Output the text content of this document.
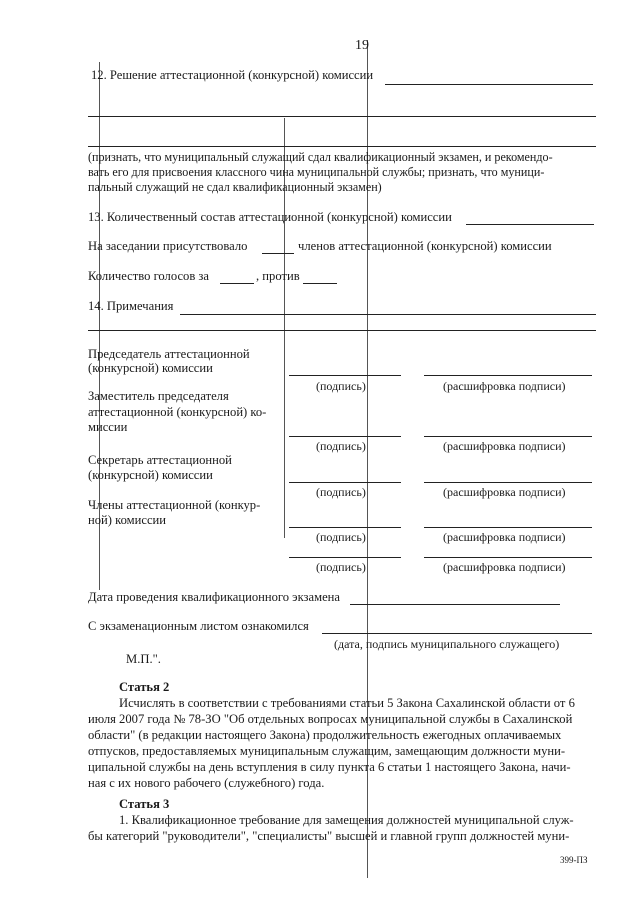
19
12. Решение аттестационной (конкурсной) комиссии
(признать, что муниципальный служащий сдал квалификационный экзамен, и рекомендо-
вать его для присвоения классного чина муниципальной службы; признать, что муници-
пальный служащий не сдал квалификационный экзамен)
13. Количественный состав аттестационной (конкурсной) комиссии
На заседании присутствовало	членов аттестационной (конкурсной) комиссии
Количество голосов за	, против
14. Примечания
Председатель аттестационной
(конкурсной) комиссии
(подпись)	(расшифровка подписи)
Заместитель председателя
аттестационной (конкурсной) ко-
миссии
(подпись)	(расшифровка подписи)
Секретарь аттестационной
(конкурсной) комиссии
(подпись)	(расшифровка подписи)
Члены аттестационной (конкур-
ной) комиссии
(подпись)	(расшифровка подписи)
(подпись)	(расшифровка подписи)
Дата проведения квалификационного экзамена
С экзаменационным листом ознакомился
(дата, подпись муниципального служащего)
М.П.".
Статья 2
Исчислять в соответствии с требованиями статьи 5 Закона Сахалинской области от 6
июля 2007 года № 78-ЗО "Об отдельных вопросах муниципальной службы в Сахалинской
области" (в редакции настоящего Закона) продолжительность ежегодных оплачиваемых
отпусков, предоставляемых муниципальным служащим, замещающим должности муни-
ципальной службы на день вступления в силу пункта 6 статьи 1 настоящего Закона, начи-
ная с их нового рабочего (служебного) года.
Статья 3
1. Квалификационное требование для замещения должностей муниципальной служ-
бы категорий "руководители", "специалисты" высшей и главной групп должностей муни-
399-ПЗ
